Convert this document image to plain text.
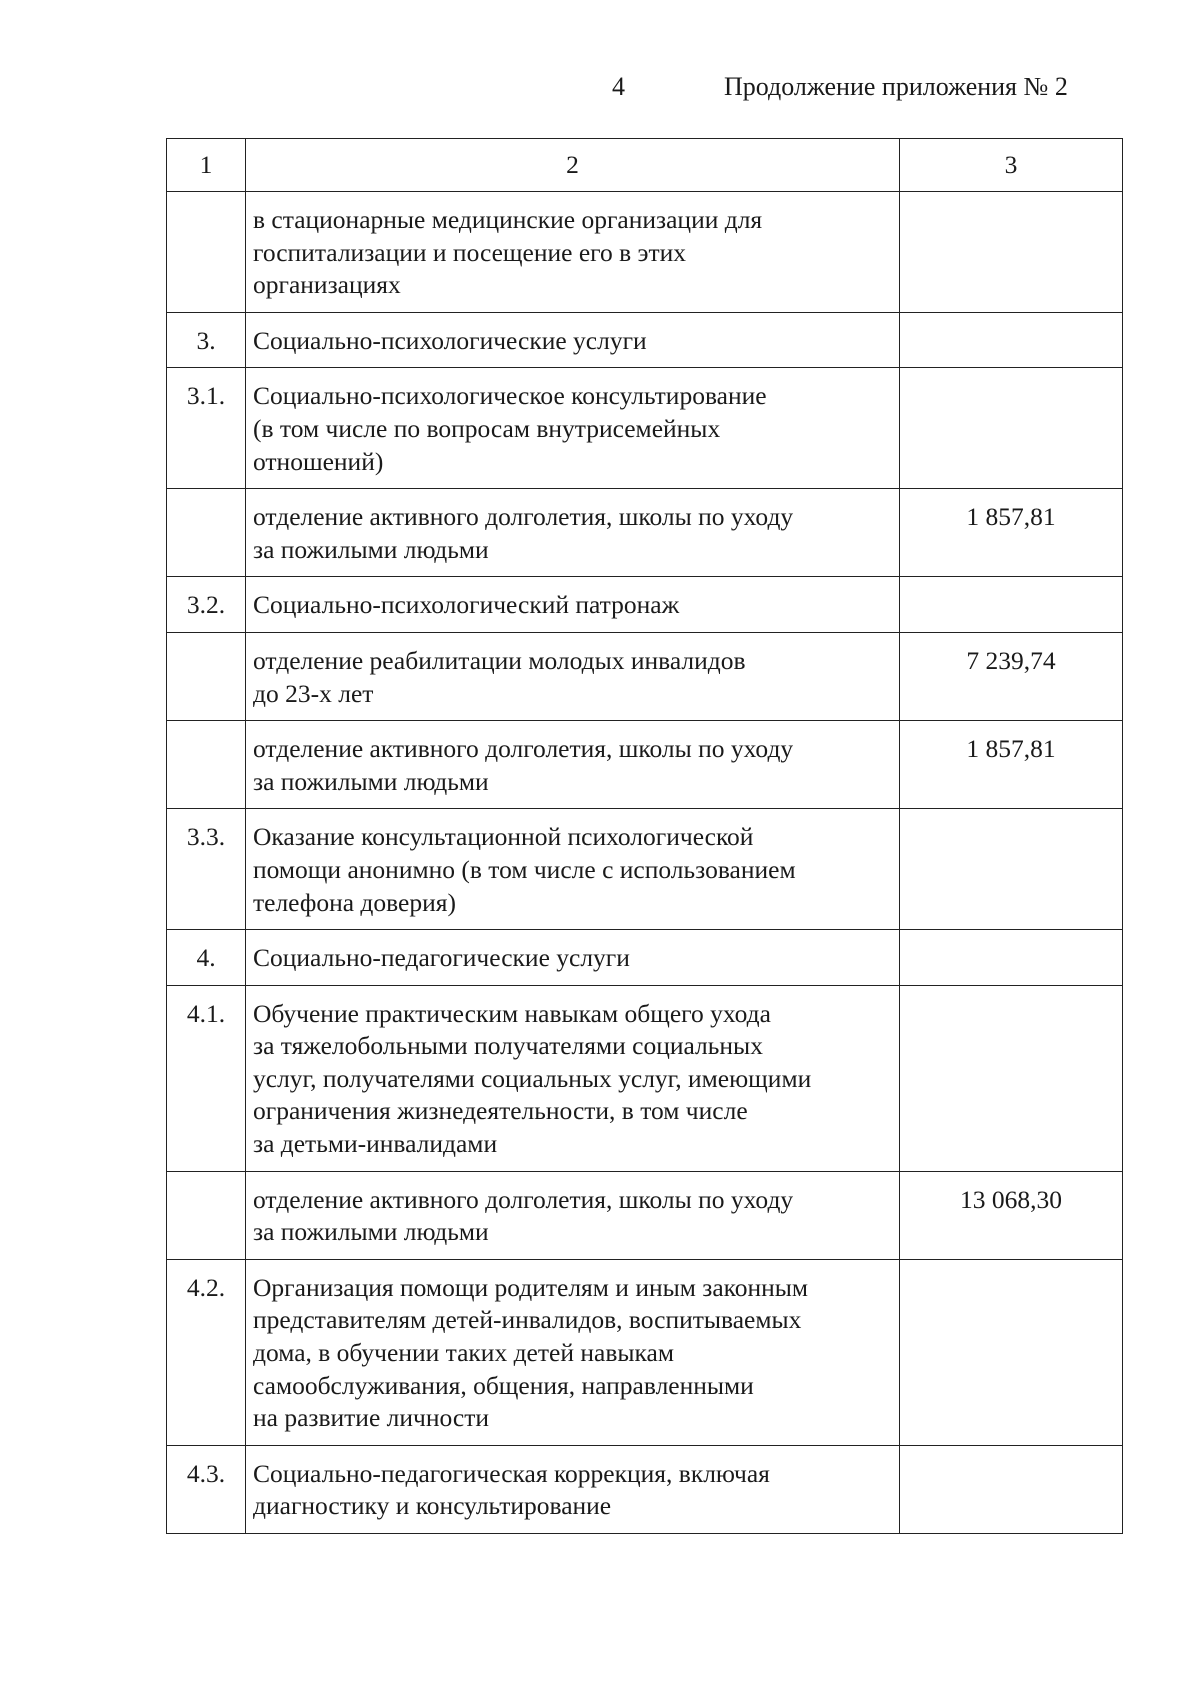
4	Продолжение приложения № 2
1	2	3

	в стационарные медицинские организации для
госпитализации и посещение его в этих
организациях	

3.	Социально-психологические услуги	

3.1.	Социально-психологическое консультирование
(в том числе по вопросам внутрисемейных
отношений)	

	отделение активного долголетия, школы по уходу
за пожилыми людьми	1 857,81
3.2.	Социально-психологический патронаж	

	отделение реабилитации молодых инвалидов
до 23-х лет	7 239,74

	отделение активного долголетия, школы по уходу
за пожилыми людьми	1 857,81
3.3.	Оказание консультационной психологической
помощи анонимно (в том числе с использованием
телефона доверия)	

4.	Социально-педагогические услуги	

4.1.	Обучение практическим навыкам общего ухода
за тяжелобольными получателями социальных
услуг, получателями социальных услуг, имеющими
ограничения жизнедеятельности, в том числе
за детьми-инвалидами	

	отделение активного долголетия, школы по уходу
за пожилыми людьми	13 068,30
4.2.	Организация помощи родителям и иным законным
представителям детей-инвалидов, воспитываемых
дома, в обучении таких детей навыкам
самообслуживания, общения, направленными
на развитие личности	

4.3.	Социально-педагогическая коррекция, включая
диагностику и консультирование	
